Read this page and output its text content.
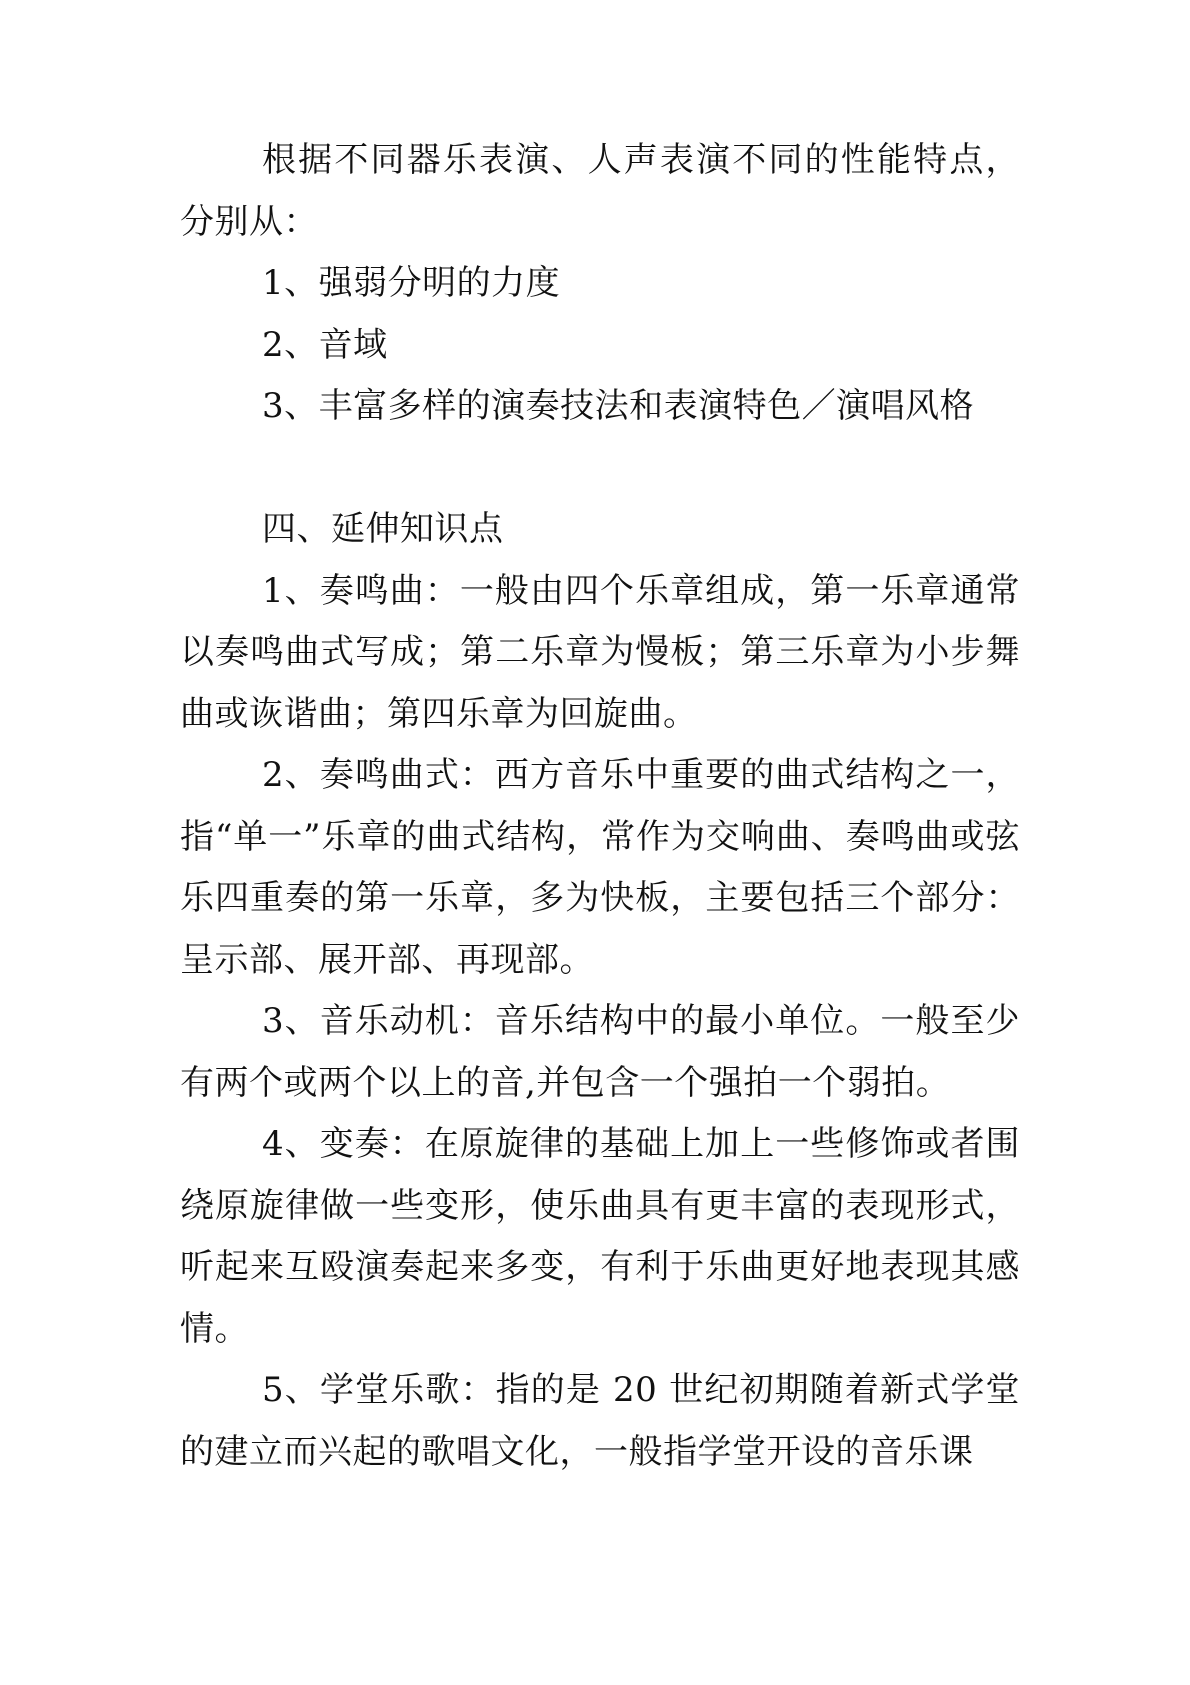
根据不同器乐表演、人声表演不同的性能特点，分别从：

1、强弱分明的力度

2、音域

3、丰富多样的演奏技法和表演特色／演唱风格

四、延伸知识点

1、奏鸣曲：一般由四个乐章组成，第一乐章通常以奏鸣曲式写成；第二乐章为慢板；第三乐章为小步舞曲或诙谐曲；第四乐章为回旋曲。

2、奏鸣曲式：西方音乐中重要的曲式结构之一，指“单一”乐章的曲式结构，常作为交响曲、奏鸣曲或弦乐四重奏的第一乐章，多为快板，主要包括三个部分：呈示部、展开部、再现部。

3、音乐动机：音乐结构中的最小单位。一般至少有两个或两个以上的音,并包含一个强拍一个弱拍。

4、变奏：在原旋律的基础上加上一些修饰或者围绕原旋律做一些变形，使乐曲具有更丰富的表现形式，听起来互殴演奏起来多变，有利于乐曲更好地表现其感情。

5、学堂乐歌：指的是 20 世纪初期随着新式学堂的建立而兴起的歌唱文化，一般指学堂开设的音乐课
